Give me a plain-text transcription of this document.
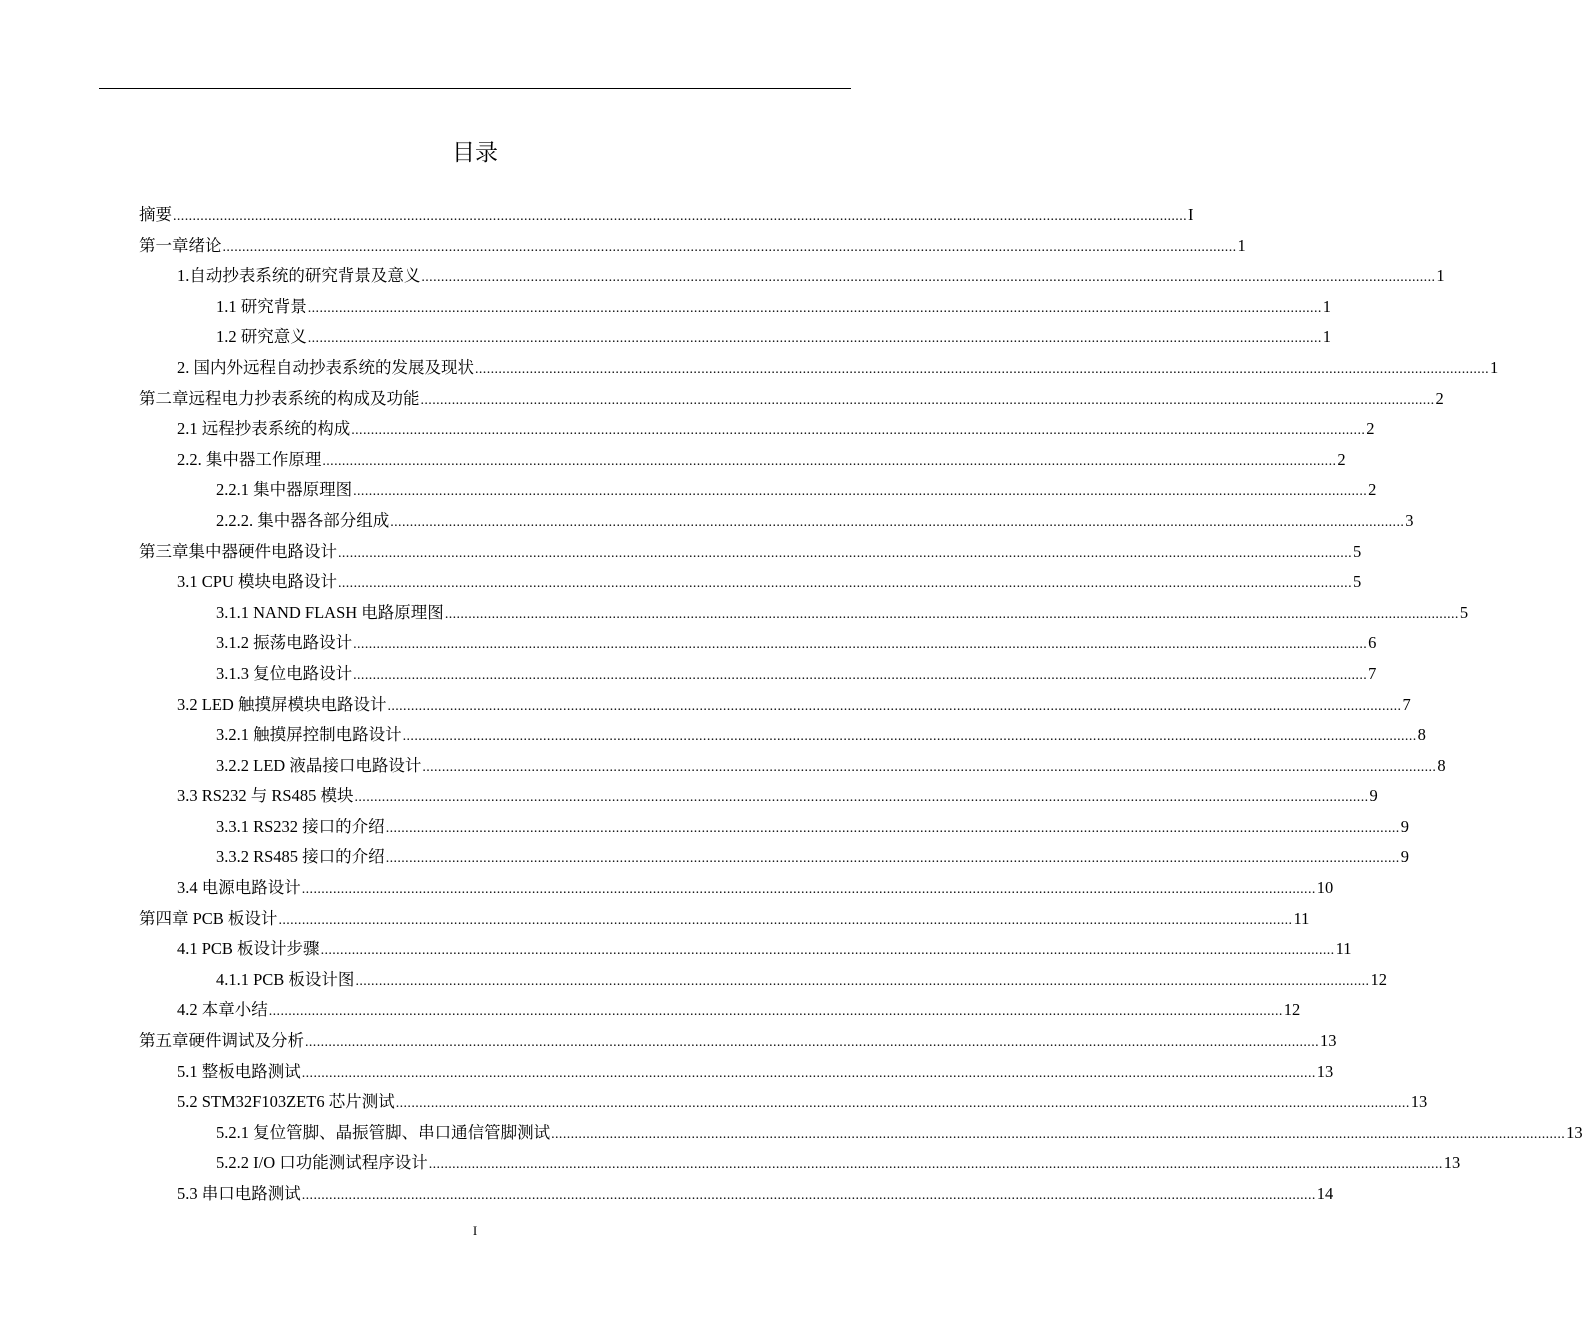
目录
摘要 .................................................................................................................................................................................................................................................................... I
第一章绪论 .................................................................................................................................................................................................................................................................... 1
1.自动抄表系统的研究背景及意义 .................................................................................................................................................................................................................................................................... 1
1.1 研究背景 .................................................................................................................................................................................................................................................................... 1
1.2 研究意义 .................................................................................................................................................................................................................................................................... 1
2. 国内外远程自动抄表系统的发展及现状 .................................................................................................................................................................................................................................................................... 1
第二章远程电力抄表系统的构成及功能 .................................................................................................................................................................................................................................................................... 2
2.1 远程抄表系统的构成 .................................................................................................................................................................................................................................................................... 2
2.2. 集中器工作原理 .................................................................................................................................................................................................................................................................... 2
2.2.1 集中器原理图 .................................................................................................................................................................................................................................................................... 2
2.2.2. 集中器各部分组成 .................................................................................................................................................................................................................................................................... 3
第三章集中器硬件电路设计 .................................................................................................................................................................................................................................................................... 5
3.1 CPU 模块电路设计 .................................................................................................................................................................................................................................................................... 5
3.1.1 NAND FLASH 电路原理图 .................................................................................................................................................................................................................................................................... 5
3.1.2 振荡电路设计 .................................................................................................................................................................................................................................................................... 6
3.1.3 复位电路设计 .................................................................................................................................................................................................................................................................... 7
3.2 LED 触摸屏模块电路设计 .................................................................................................................................................................................................................................................................... 7
3.2.1 触摸屏控制电路设计 .................................................................................................................................................................................................................................................................... 8
3.2.2 LED 液晶接口电路设计 .................................................................................................................................................................................................................................................................... 8
3.3 RS232 与 RS485 模块 .................................................................................................................................................................................................................................................................... 9
3.3.1 RS232 接口的介绍 .................................................................................................................................................................................................................................................................... 9
3.3.2 RS485 接口的介绍 .................................................................................................................................................................................................................................................................... 9
3.4 电源电路设计 .................................................................................................................................................................................................................................................................... 10
第四章 PCB 板设计 .................................................................................................................................................................................................................................................................... 11
4.1 PCB 板设计步骤 .................................................................................................................................................................................................................................................................... 11
4.1.1 PCB 板设计图 .................................................................................................................................................................................................................................................................... 12
4.2 本章小结 .................................................................................................................................................................................................................................................................... 12
第五章硬件调试及分析 .................................................................................................................................................................................................................................................................... 13
5.1 整板电路测试 .................................................................................................................................................................................................................................................................... 13
5.2 STM32F103ZET6 芯片测试 .................................................................................................................................................................................................................................................................... 13
5.2.1 复位管脚、晶振管脚、串口通信管脚测试 .................................................................................................................................................................................................................................................................... 13
5.2.2 I/O 口功能测试程序设计 .................................................................................................................................................................................................................................................................... 13
5.3 串口电路测试 .................................................................................................................................................................................................................................................................... 14
I
